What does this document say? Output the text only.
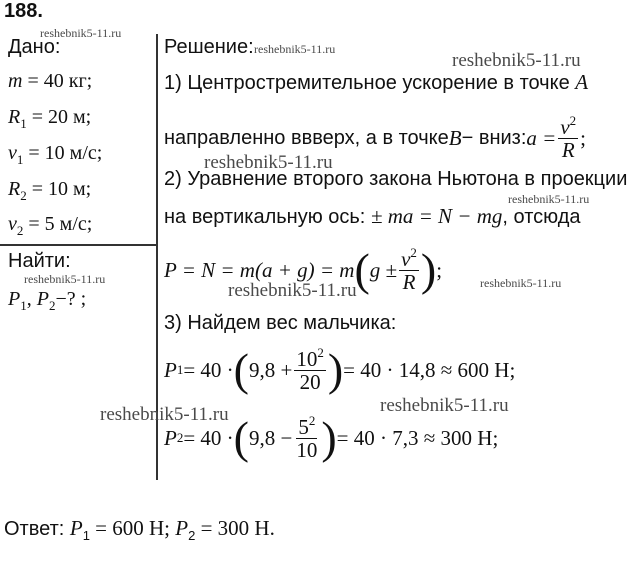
188.
Дано:
m = 40 кг;
$R_1 = 20$ м;
$v_1 = 10$ м/с;
$R_2 = 10$ м;
$v_2 = 5$ м/с;
Найти:
$P_1$, $P_2-$? ;
Решение:
1) Центростремительное ускорение в точке A
направленно ввверх, а в точке B − вниз: $a = \frac{v^2}{R}$ ;
2) Уравнение второго закона Ньютона в проекции
на вертикальную ось: ± ma = N − mg, отсюда
P = N = m(a + g) = m ( $g \pm \frac{v^2}{R}$ ) ;
3) Найдем вес мальчика:
P 1 = 40 · ( $9,8 + \frac{10^2}{20}$ ) = 40 · 14,8 ≈ 600 Н;
P 2 = 40 · ( $9,8 - \frac{5^2}{10}$ ) = 40 · 7,3 ≈ 300 Н;
Ответ: $P_1 = 600$ Н; $P_2 = 300$ Н.
reshebnik5-11.ru
reshebnik5-11.ru
reshebnik5-11.ru
reshebnik5-11.ru
reshebnik5-11.ru
reshebnik5-11.ru
reshebnik5-11.ru	reshebnik5-11.ru
reshebnik5-11.ru
reshebnik5-11.ru
